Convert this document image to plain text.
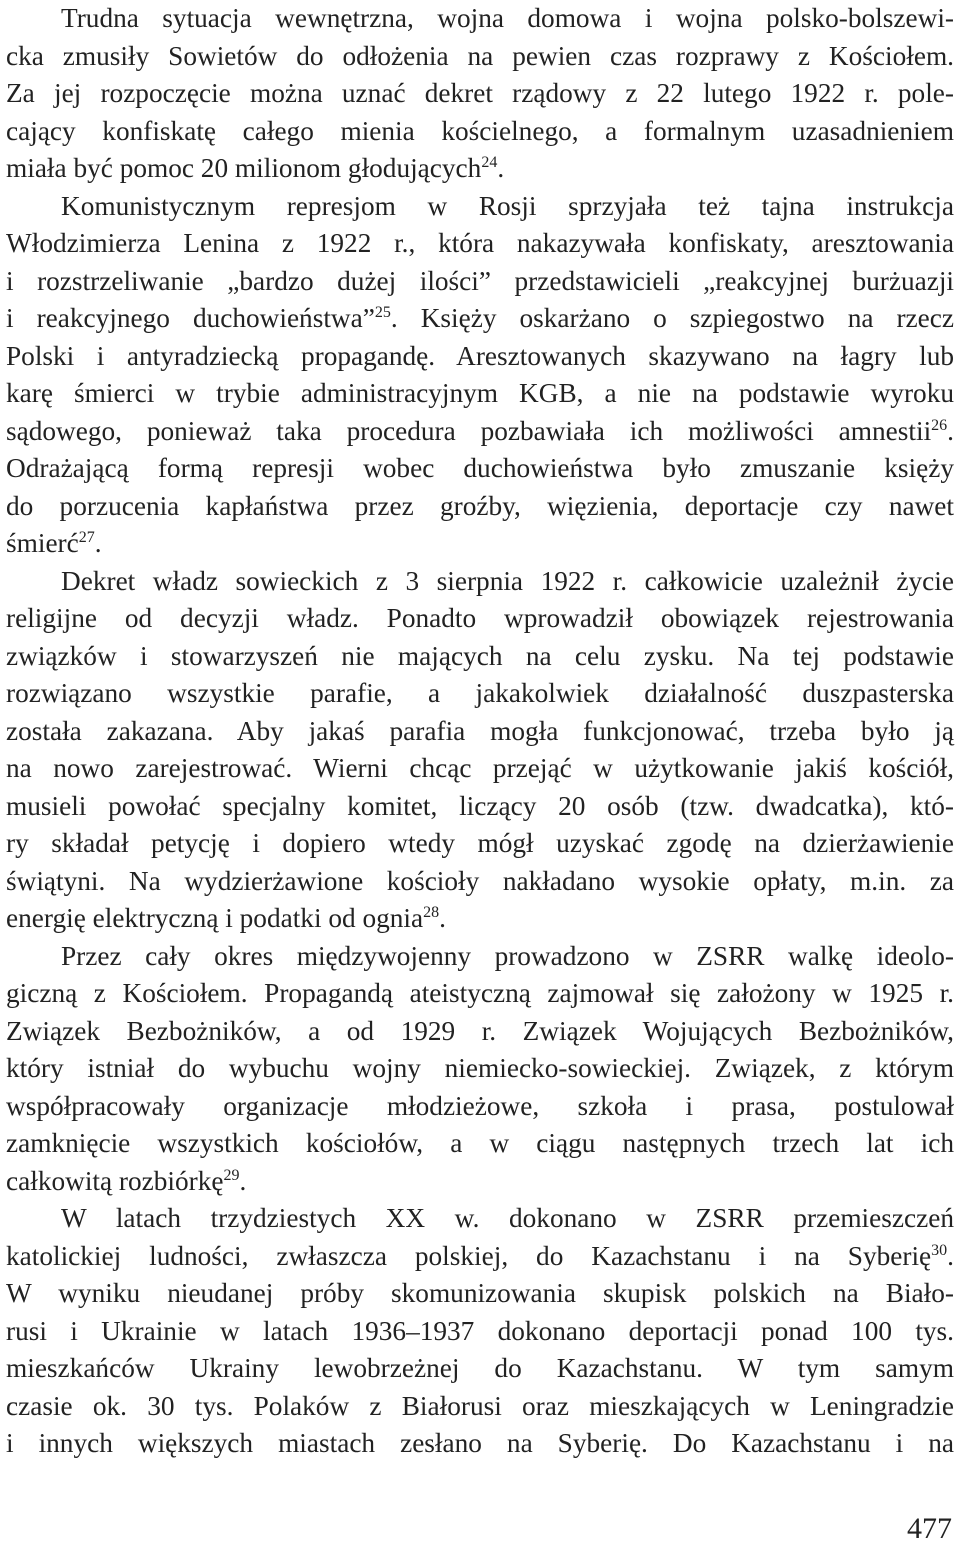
Trudna sytuacja wewnętrzna, wojna domowa i wojna polsko-bolszewi-
cka zmusiły Sowietów do odłożenia na pewien czas rozprawy z Kościołem.
Za jej rozpoczęcie można uznać dekret rządowy z 22 lutego 1922 r. pole-
cający konfiskatę całego mienia kościelnego, a formalnym uzasadnieniem
miała być pomoc 20 milionom głodujących$^{24}$.
Komunistycznym represjom w Rosji sprzyjała też tajna instrukcja
Włodzimierza Lenina z 1922 r., która nakazywała konfiskaty, aresztowania
i rozstrzeliwanie „bardzo dużej ilości” przedstawicieli „reakcyjnej burżuazji
i reakcyjnego duchowieństwa”$^{25}$. Księży oskarżano o szpiegostwo na rzecz
Polski i antyradziecką propagandę. Aresztowanych skazywano na łagry lub
karę śmierci w trybie administracyjnym KGB, a nie na podstawie wyroku
sądowego, ponieważ taka procedura pozbawiała ich możliwości amnestii$^{26}$.
Odrażającą formą represji wobec duchowieństwa było zmuszanie księży
do porzucenia kapłaństwa przez groźby, więzienia, deportacje czy nawet
śmierć$^{27}$.
Dekret władz sowieckich z 3 sierpnia 1922 r. całkowicie uzależnił życie
religijne od decyzji władz. Ponadto wprowadził obowiązek rejestrowania
związków i stowarzyszeń nie mających na celu zysku. Na tej podstawie
rozwiązano wszystkie parafie, a jakakolwiek działalność duszpasterska
została zakazana. Aby jakaś parafia mogła funkcjonować, trzeba było ją
na nowo zarejestrować. Wierni chcąc przejąć w użytkowanie jakiś kościół,
musieli powołać specjalny komitet, liczący 20 osób (tzw. dwadcatka), któ-
ry składał petycję i dopiero wtedy mógł uzyskać zgodę na dzierżawienie
świątyni. Na wydzierżawione kościoły nakładano wysokie opłaty, m.in. za
energię elektryczną i podatki od ognia$^{28}$.
Przez cały okres międzywojenny prowadzono w ZSRR walkę ideolo-
giczną z Kościołem. Propagandą ateistyczną zajmował się założony w 1925 r.
Związek Bezbożników, a od 1929 r. Związek Wojujących Bezbożników,
który istniał do wybuchu wojny niemiecko-sowieckiej. Związek, z którym
współpracowały organizacje młodzieżowe, szkoła i prasa, postulował
zamknięcie wszystkich kościołów, a w ciągu następnych trzech lat ich
całkowitą rozbiórkę$^{29}$.
W latach trzydziestych XX w. dokonano w ZSRR przemieszczeń
katolickiej ludności, zwłaszcza polskiej, do Kazachstanu i na Syberię$^{30}$.
W wyniku nieudanej próby skomunizowania skupisk polskich na Biało-
rusi i Ukrainie w latach 1936–1937 dokonano deportacji ponad 100 tys.
mieszkańców Ukrainy lewobrzeżnej do Kazachstanu. W tym samym
czasie ok. 30 tys. Polaków z Białorusi oraz mieszkających w Leningradzie
i innych większych miastach zesłano na Syberię. Do Kazachstanu i na
477
